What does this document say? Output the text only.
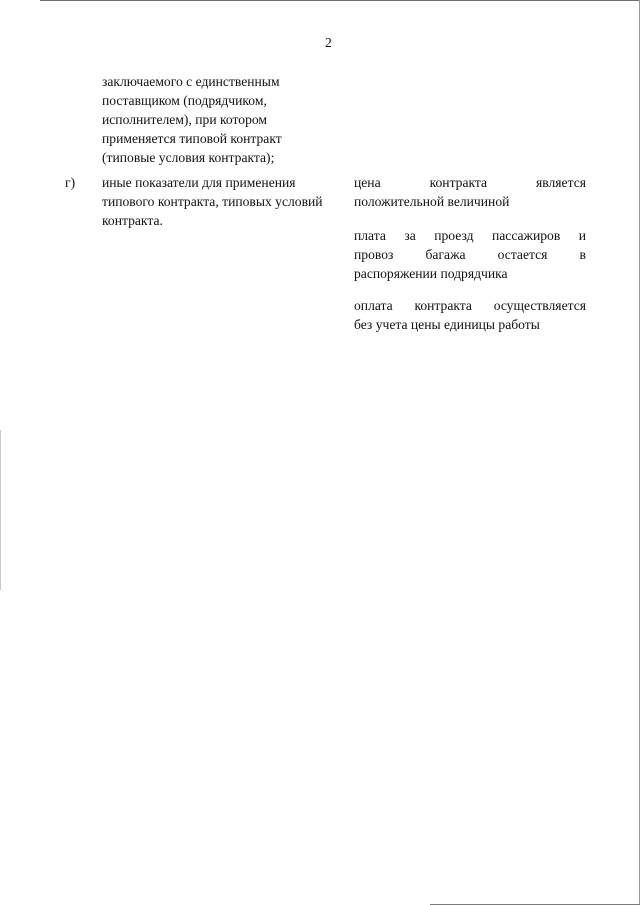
2
заключаемого с единственным
поставщиком (подрядчиком,
исполнителем), при котором
применяется типовой контракт
(типовые условия контракта);
г) иные показатели для применения
типового контракта, типовых условий
контракта.
цена	контракта	является
положительной величиной
плата за проезд пассажиров и
провоз багажа остается в
распоряжении подрядчика
оплата контракта осуществляется
без учета цены единицы работы
